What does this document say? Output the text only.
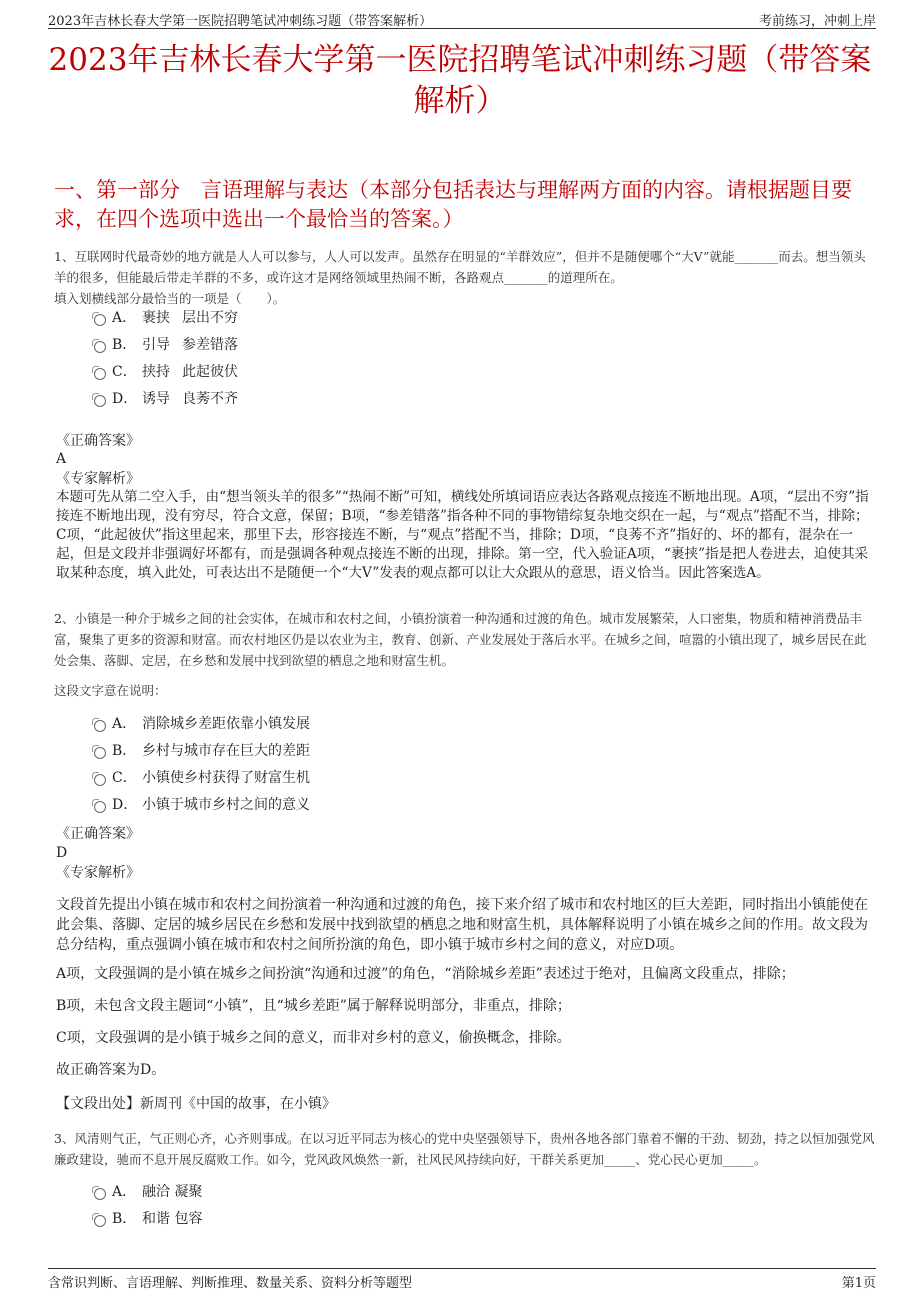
2023年吉林长春大学第一医院招聘笔试冲刺练习题（带答案解析）	考前练习，冲刺上岸
2023年吉林长春大学第一医院招聘笔试冲刺练习题（带答案解析）
一、第一部分　言语理解与表达（本部分包括表达与理解两方面的内容。请根据题目要求，在四个选项中选出一个最恰当的答案。）
1、互联网时代最奇妙的地方就是人人可以参与，人人可以发声。虽然存在明显的“羊群效应”，但并不是随便哪个“大V”就能_______而去。想当领头羊的很多，但能最后带走羊群的不多，或许这才是网络领域里热闹不断，各路观点_______的道理所在。
填入划横线部分最恰当的一项是（　　）。
A． 裹挟 层出不穷
B． 引导 参差错落
C． 挟持 此起彼伏
D． 诱导 良莠不齐
《正确答案》
A
《专家解析》
本题可先从第二空入手，由“想当领头羊的很多”“热闹不断”可知，横线处所填词语应表达各路观点接连不断地出现。A项，“层出不穷”指接连不断地出现，没有穷尽，符合文意，保留；B项，“参差错落”指各种不同的事物错综复杂地交织在一起，与“观点”搭配不当，排除；C项，“此起彼伏”指这里起来，那里下去，形容接连不断，与“观点”搭配不当，排除；D项，“良莠不齐”指好的、坏的都有，混杂在一起，但是文段并非强调好坏都有，而是强调各种观点接连不断的出现，排除。第一空，代入验证A项，“裹挟”指是把人卷进去，迫使其采取某种态度，填入此处，可表达出不是随便一个“大V”发表的观点都可以让大众跟从的意思，语义恰当。因此答案选A。
2、小镇是一种介于城乡之间的社会实体，在城市和农村之间，小镇扮演着一种沟通和过渡的角色。城市发展繁荣，人口密集，物质和精神消费品丰富，聚集了更多的资源和财富。而农村地区仍是以农业为主，教育、创新、产业发展处于落后水平。在城乡之间，喧嚣的小镇出现了，城乡居民在此处会集、落脚、定居，在乡愁和发展中找到欲望的栖息之地和财富生机。
这段文字意在说明：
A． 消除城乡差距依靠小镇发展
B． 乡村与城市存在巨大的差距
C． 小镇使乡村获得了财富生机
D． 小镇于城市乡村之间的意义
《正确答案》
D
《专家解析》
文段首先提出小镇在城市和农村之间扮演着一种沟通和过渡的角色，接下来介绍了城市和农村地区的巨大差距，同时指出小镇能使在此会集、落脚、定居的城乡居民在乡愁和发展中找到欲望的栖息之地和财富生机，具体解释说明了小镇在城乡之间的作用。故文段为总分结构，重点强调小镇在城市和农村之间所扮演的角色，即小镇于城市乡村之间的意义，对应D项。
A项，文段强调的是小镇在城乡之间扮演“沟通和过渡”的角色，“消除城乡差距”表述过于绝对，且偏离文段重点，排除；
B项，未包含文段主题词“小镇”，且“城乡差距”属于解释说明部分，非重点，排除；
C项，文段强调的是小镇于城乡之间的意义，而非对乡村的意义，偷换概念，排除。
故正确答案为D。
【文段出处】新周刊《中国的故事，在小镇》
3、风清则气正，气正则心齐，心齐则事成。在以习近平同志为核心的党中央坚强领导下，贵州各地各部门靠着不懈的干劲、韧劲，持之以恒加强党风廉政建设，驰而不息开展反腐败工作。如今，党风政风焕然一新，社风民风持续向好，干群关系更加_____、党心民心更加_____。
A． 融洽 凝聚
B． 和谐 包容
含常识判断、言语理解、判断推理、数量关系、资料分析等题型	第1页
